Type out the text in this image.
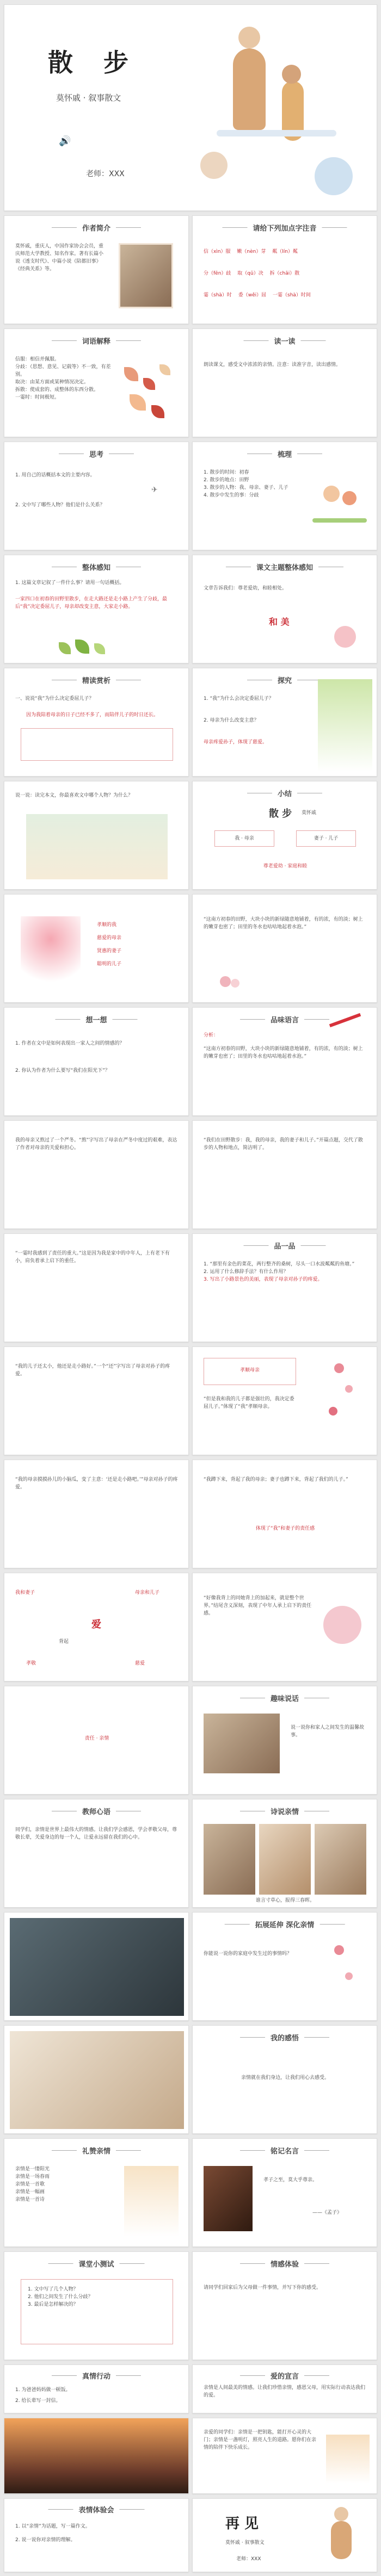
散 步
莫怀戚 · 叙事散文
🔊
老师：XXX
作者简介
莫怀戚，重庆人，中国作家协会会员，重庆师范大学教授、知名作家。著有长篇小说《透支时代》、中篇小说《陪都旧事》《经典关系》等。
请给下列加点字注音
信（xìn）服 　嫩（nèn）芽 　粼（lín）粼
分（fēn）歧 　取（qǔ）决 　拆（chāi）散
霎（shà）时 　委（wěi）屈 　一霎（shà）时间
词语解释
信服：相信并佩服。
分歧：（思想、意见、记载等）不一致，有差别。
取决：由某方面或某种情况决定。
拆散：使成套的、成整体的东西分散。
一霎时：时间极短。
读一读
朗读课文，感受文中浓浓的亲情。注意：读准字音，读出感情。
思考
1. 用自己的话概括本文的主要内容。
2. 文中写了哪些人物？他们是什么关系？
✈
梳理
1. 散步的时间：初春
2. 散步的地点：田野
3. 散步的人物：我、母亲、妻子、儿子
4. 散步中发生的事：分歧
整体感知
1. 这篇文章记叙了一件什么事？请用一句话概括。
一家四口在初春的田野里散步，在走大路还是走小路上产生了分歧，最后“我”决定委屈儿子，母亲却改变主意，大家走小路。
课文主题整体感知
文章告诉我们：尊老爱幼，和睦相处。
和 美
精读赏析
一、说说“我”为什么决定委屈儿子？
因为我陪着母亲的日子已经不多了，而陪伴儿子的时日还长。
探究
1. “我”为什么会决定委屈儿子？
2. 母亲为什么改变主意？
母亲疼爱孙子，体现了慈爱。
说一说：读完本文，你最喜欢文中哪个人物？为什么？	小结
散 步 莫怀戚
我 · 母亲	妻子 · 儿子
尊老爱幼 · 家庭和睦
孝顺的我
慈爱的母亲
贤惠的妻子
聪明的儿子
“这南方初春的田野，大块小块的新绿随意地铺着，有的浓，有的淡；树上的嫩芽也密了；田里的冬水也咕咕地起着水泡。”
想一想
1. 作者在文中是如何表现出一家人之间的情感的？
2. 你认为作者为什么要写“我们在阳光下”？
品味语言
分析：
“这南方初春的田野，大块小块的新绿随意地铺着，有的浓，有的淡；树上的嫩芽也密了；田里的冬水也咕咕地起着水泡。”
我的母亲又熬过了一个严冬。“熬”字写出了母亲在严冬中度过的艰难，表达了作者对母亲的关爱和担心。
“我们在田野散步：我，我的母亲，我的妻子和儿子。”开篇点题，交代了散步的人物和地点，简洁明了。
“一霎时我感到了责任的重大。”这是因为我是家中的中年人，上有老下有小，肩负着承上启下的重任。
品一品
1. “那里有金色的菜花，两行整齐的桑树，尽头一口水波粼粼的鱼塘。”
2. 运用了什么修辞手法？有什么作用？
3. 写出了小路景色的美丽，表现了母亲对孙子的疼爱。
“我的儿子还太小，他还是走小路好。”一个“还”字写出了母亲对孙子的疼爱。
孝顺母亲
“但是我和我的儿子都是强壮的，我决定委屈儿子。”体现了“我”孝顺母亲。
“我的母亲摸摸孙儿的小脑瓜，变了主意：‘还是走小路吧。’”母亲对孙子的疼爱。
“我蹲下来，背起了我的母亲；妻子也蹲下来，背起了我们的儿子。”
体现了“我”和妻子的责任感
我和妻子	母亲和儿子
爱
背起
孝敬	慈爱
“好像我背上的同她背上的加起来，就是整个世界。”结尾含义深刻，表现了中年人承上启下的责任感。
责任 · 亲情
趣味说话
说一说你和家人之间发生的温馨故事。
教师心语
同学们，亲情是世界上最伟大的情感。让我们学会感恩，学会孝敬父母，尊敬长辈，关爱身边的每一个人，让爱永远留在我们的心中。
诗说亲情
谁言寸草心，报得三春晖。
拓展延伸 深化亲情
你能说一说你的家庭中发生过的事情吗？
我的感悟
亲情就在我们身边，让我们用心去感受。
礼赞亲情
亲情是一缕阳光
亲情是一场春雨
亲情是一首歌
亲情是一幅画
亲情是一首诗
铭记名言
孝子之至，莫大乎尊亲。
——《孟子》
课堂小测试
1. 文中写了几个人物？
2. 他们之间发生了什么分歧？
3. 最后是怎样解决的？
情感体验
请同学们回家后为父母做一件事情，并写下你的感受。
真情行动
1. 为爸爸妈妈做一顿饭。
2. 给长辈写一封信。
爱的宣言
亲情是人间最美的情感。让我们珍惜亲情，感恩父母，用实际行动表达我们的爱。
亲爱的同学们：亲情是一把钥匙，能打开心灵的大门；亲情是一盏明灯，照亮人生的道路。愿你们在亲情的陪伴下快乐成长。
表情体验会
1. 以“亲情”为话题，写一篇作文。
2. 说一说你对亲情的理解。
再 见
莫怀戚 · 叙事散文
老师：XXX
